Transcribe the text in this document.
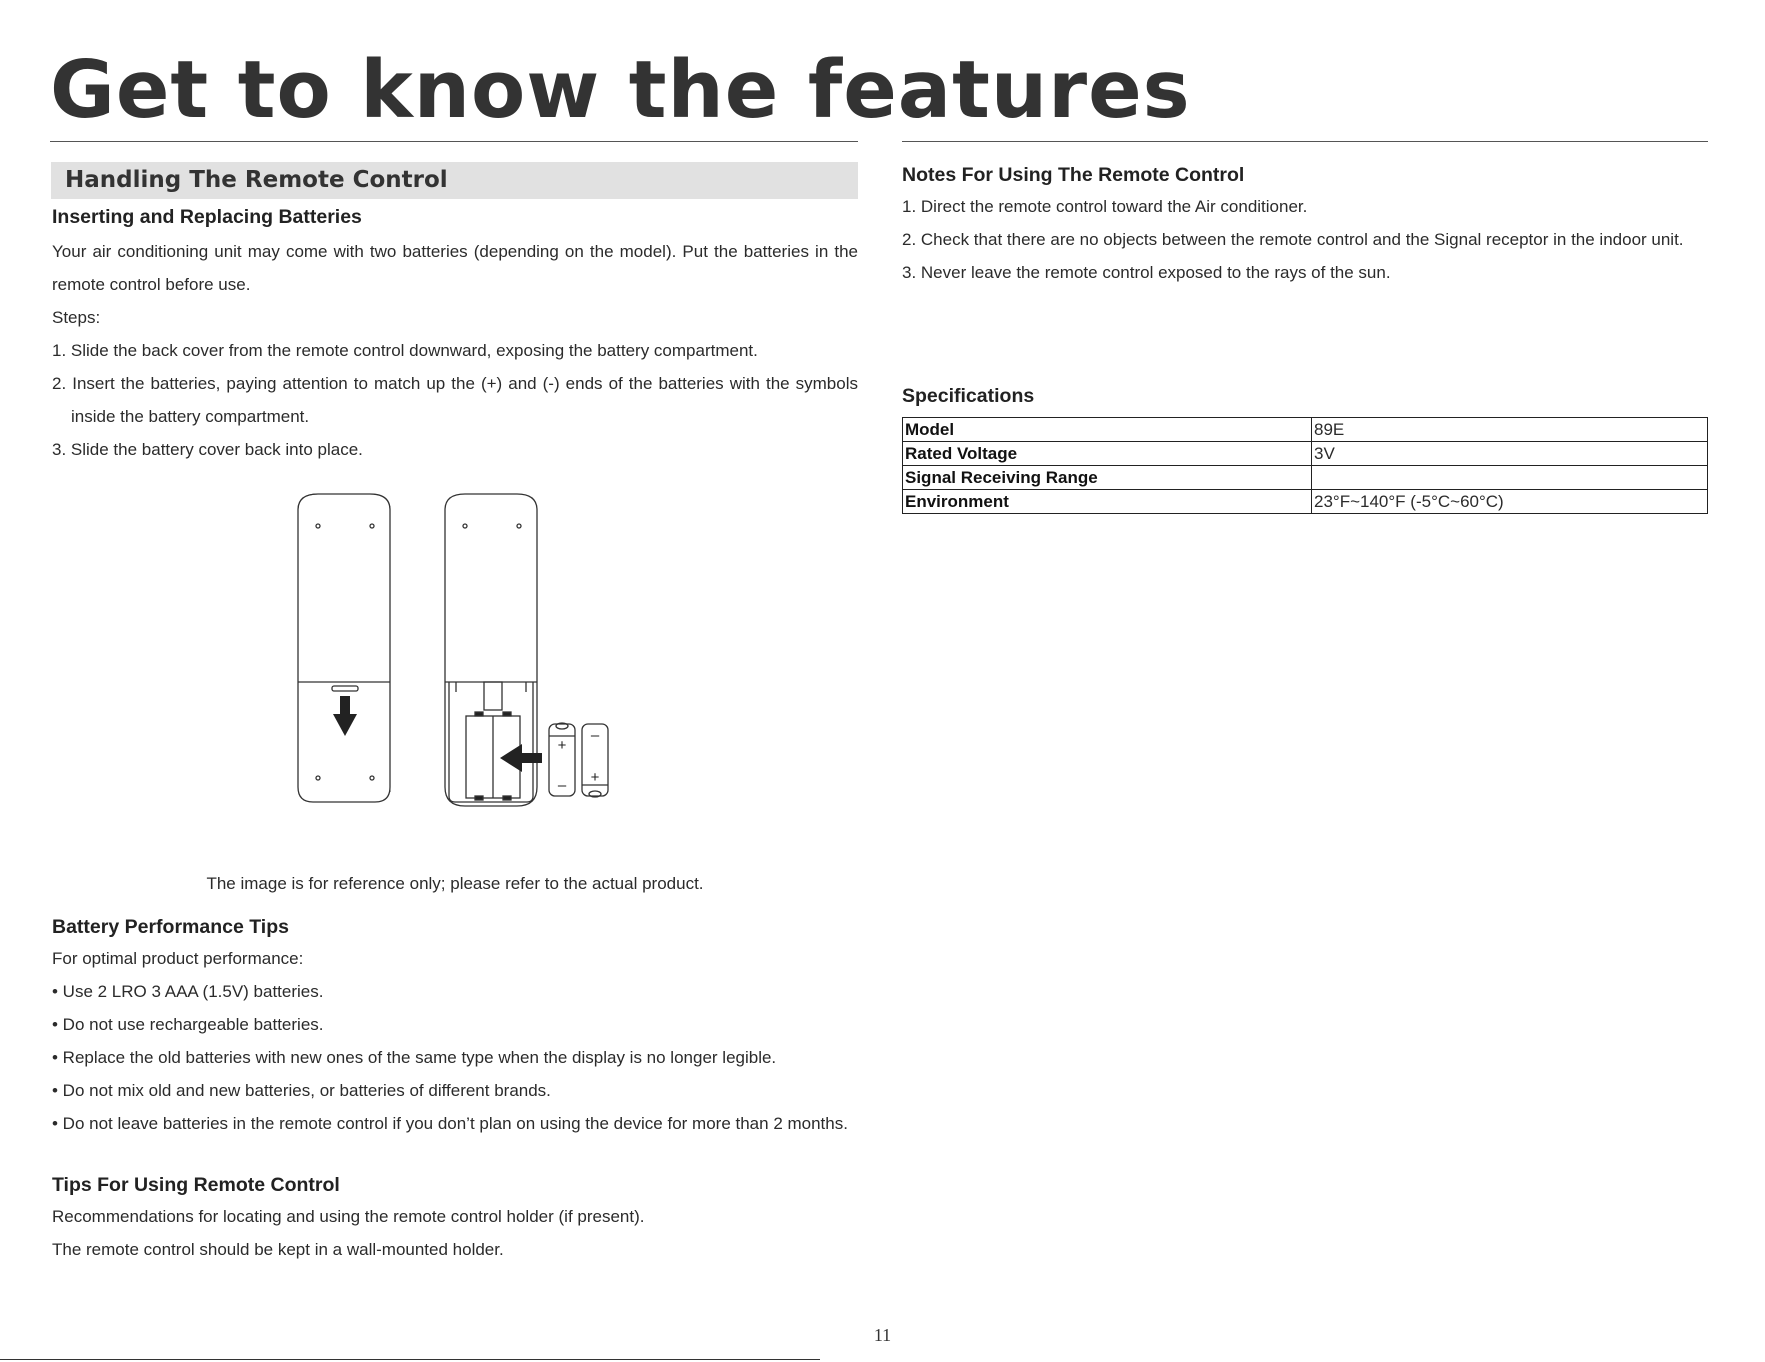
Get to know the features
Handling The Remote Control
Inserting and Replacing Batteries

Your air conditioning unit may come with two batteries (depending on the model). Put the batteries in the remote control before use.

Steps:

1. Slide the back cover from the remote control downward, exposing the battery compartment.

2. Insert the batteries, paying attention to match up the (+) and (-) ends of the batteries with the symbols inside the battery compartment.

3. Slide the battery cover back into place.

+
–
–
+
The image is for reference only; please refer to the actual product.
Battery Performance Tips

For optimal product performance:

• Use 2 LRO 3 AAA (1.5V) batteries.

• Do not use rechargeable batteries.

• Replace the old batteries with new ones of the same type when the display is no longer legible.

• Do not mix old and new batteries, or batteries of different brands.

• Do not leave batteries in the remote control if you don’t plan on using the device for more than 2 months.

Tips For Using Remote Control

Recommendations for locating and using the remote control holder (if present).

The remote control should be kept in a wall-mounted holder.

Notes For Using The Remote Control

1. Direct the remote control toward the Air conditioner.

2. Check that there are no objects between the remote control and the Signal receptor in the indoor unit.

3. Never leave the remote control exposed to the rays of the sun.

Specifications
Model	89E
Rated Voltage	3V
Signal Receiving Range	
Environment	23°F~140°F (-5°C~60°C)
11
